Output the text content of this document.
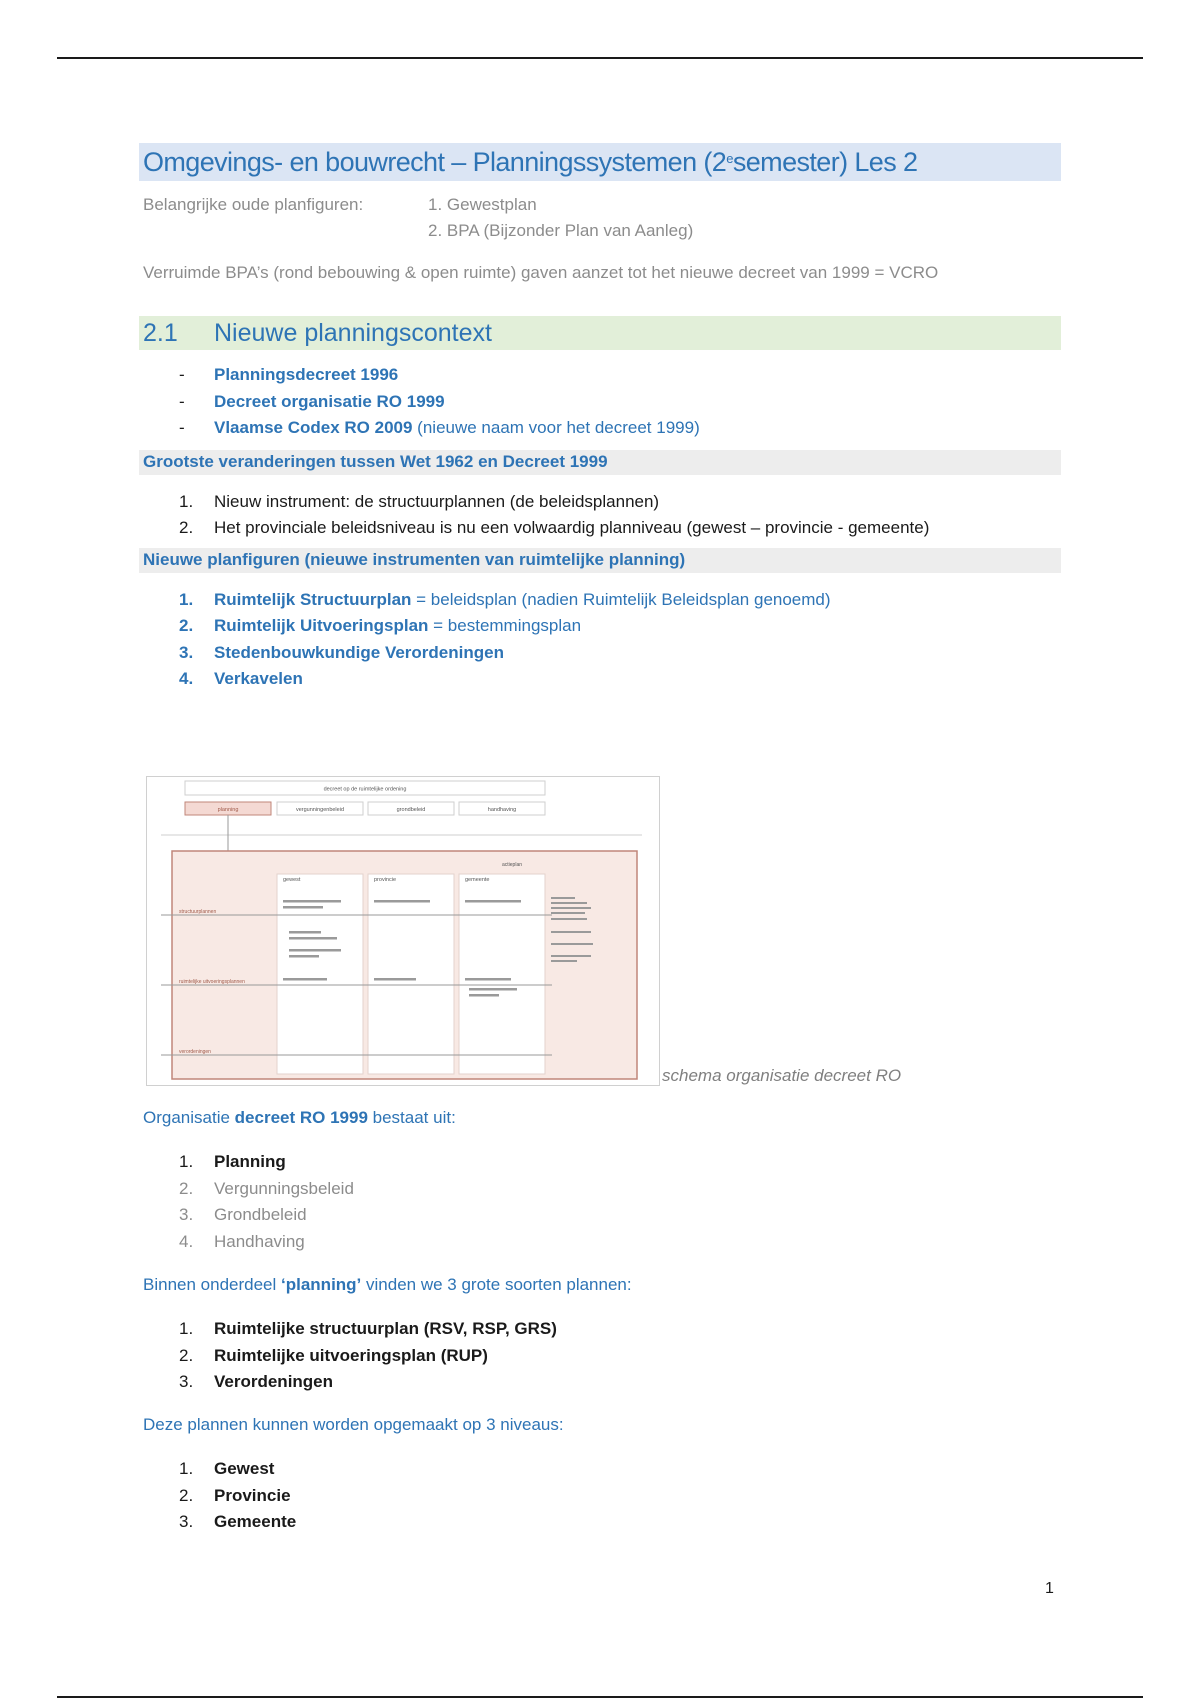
Omgevings- en bouwrecht – Planningssystemen (2e semester) Les 2
Belangrijke oude planfiguren:	1. Gewestplan
2. BPA (Bijzonder Plan van Aanleg)
Verruimde BPA’s (rond bebouwing & open ruimte) gaven aanzet tot het nieuwe decreet van 1999 = VCRO
2.1	Nieuwe planningscontext
-	Planningsdecreet 1996
-	Decreet organisatie RO 1999
-	Vlaamse Codex RO 2009 (nieuwe naam voor het decreet 1999)
Grootste veranderingen tussen Wet 1962 en Decreet 1999
1.	Nieuw instrument: de structuurplannen (de beleidsplannen)
2.	Het provinciale beleidsniveau is nu een volwaardig planniveau (gewest – provincie - gemeente)
Nieuwe planfiguren (nieuwe instrumenten van ruimtelijke planning)
1.	Ruimtelijk Structuurplan = beleidsplan (nadien Ruimtelijk Beleidsplan genoemd)
2.	Ruimtelijk Uitvoeringsplan = bestemmingsplan
3.	Stedenbouwkundige Verordeningen
4.	Verkavelen
decreet op de ruimtelijke ordening
planning	vergunningenbeleid	grondbeleid	handhaving
gewest	provincie	gemeente
actieplan
structuurplannen
ruimtelijke uitvoeringsplannen
verordeningen
schema organisatie decreet RO
Organisatie decreet RO 1999 bestaat uit:
1.	Planning
2.	Vergunningsbeleid
3.	Grondbeleid
4.	Handhaving
Binnen onderdeel ‘planning’ vinden we 3 grote soorten plannen:
1.	Ruimtelijke structuurplan (RSV, RSP, GRS)
2.	Ruimtelijke uitvoeringsplan (RUP)
3.	Verordeningen
Deze plannen kunnen worden opgemaakt op 3 niveaus:
1.	Gewest
2.	Provincie
3.	Gemeente
1
